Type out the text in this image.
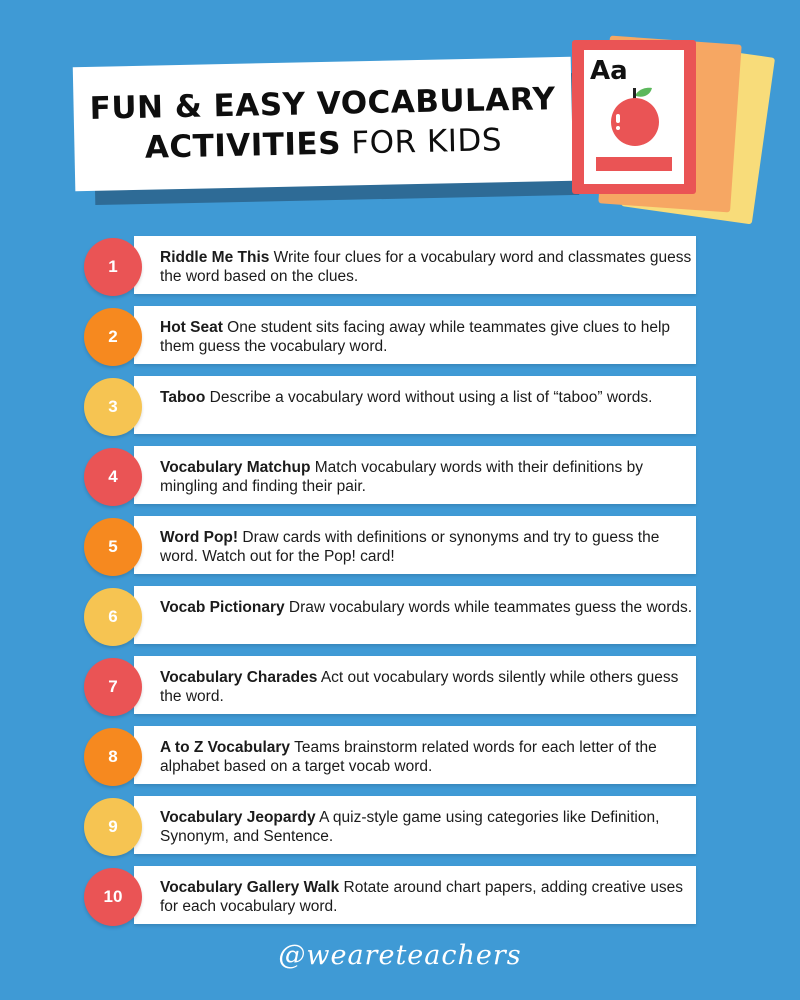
FUN & EASY VOCABULARY
ACTIVITIES FOR KIDS
Aa
1	Riddle Me This Write four clues for a vocabulary word and classmates guess the word based on the clues.
2	Hot Seat One student sits facing away while teammates give clues to help them guess the vocabulary word.
3	Taboo Describe a vocabulary word without using a list of “taboo” words.
4	Vocabulary Matchup Match vocabulary words with their definitions by mingling and finding their pair.
5	Word Pop! Draw cards with definitions or synonyms and try to guess the word. Watch out for the Pop! card!
6	Vocab Pictionary Draw vocabulary words while teammates guess the words.
7	Vocabulary Charades Act out vocabulary words silently while others guess the word.
8	A to Z Vocabulary Teams brainstorm related words for each letter of the alphabet based on a target vocab word.
9	Vocabulary Jeopardy A quiz-style game using categories like Definition, Synonym, and Sentence.
10	Vocabulary Gallery Walk Rotate around chart papers, adding creative uses for each vocabulary word.
@weareteachers
